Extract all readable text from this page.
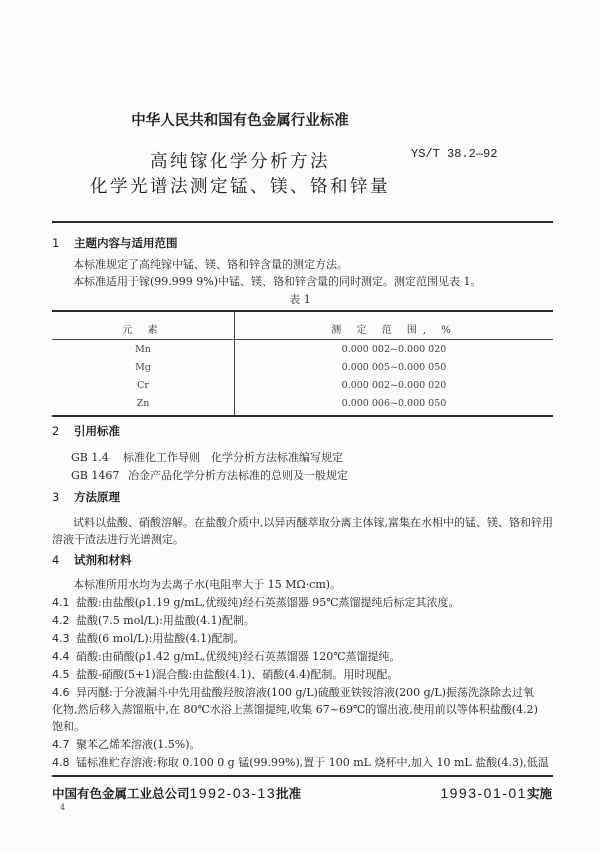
中华人民共和国有色金属行业标准
高纯镓化学分析方法
化学光谱法测定锰、镁、铬和锌量
YS/T 38.2—92
1 主题内容与适用范围
本标准规定了高纯镓中锰、镁、铬和锌含量的测定方法。
本标准适用于镓(99.999 9%)中锰、镁、铬和锌含量的同时测定。测定范围见表 1。
表 1
元 素	测 定 范 围, %
Mn	0.000 002~0.000 020
Mg	0.000 005~0.000 050
Cr	0.000 002~0.000 020
Zn	0.000 006~0.000 050
2 引用标准
GB 1.4 标准化工作导则　化学分析方法标准编写规定
GB 1467 冶金产品化学分析方法标准的总则及一般规定
3 方法原理
试料以盐酸、硝酸溶解。在盐酸介质中,以异丙醚萃取分离主体镓,富集在水相中的锰、镁、铬和锌用
溶液干渣法进行光谱测定。
4 试剂和材料
本标准所用水均为去离子水(电阻率大于 15 MΩ·cm)。
4.1 盐酸:由盐酸(ρ1.19 g/mL,优级纯)经石英蒸馏器 95℃蒸馏提纯后标定其浓度。
4.2 盐酸(7.5 mol/L):用盐酸(4.1)配制。
4.3 盐酸(6 mol/L):用盐酸(4.1)配制。
4.4 硝酸:由硝酸(ρ1.42 g/mL,优级纯)经石英蒸馏器 120℃蒸馏提纯。
4.5 盐酸-硝酸(5+1)混合酸:由盐酸(4.1)、硝酸(4.4)配制。用时现配。
4.6 异丙醚:于分液漏斗中先用盐酸羟胺溶液(100 g/L)硫酸亚铁铵溶液(200 g/L)振荡洗涤除去过氧
化物,然后移入蒸馏瓶中,在 80℃水浴上蒸馏提纯,收集 67~69℃的馏出液,使用前以等体积盐酸(4.2)
饱和。
4.7 聚苯乙烯苯溶液(1.5%)。
4.8 锰标准贮存溶液:称取 0.100 0 g 锰(99.99%),置于 100 mL 烧杯中,加入 10 mL 盐酸(4.3),低温
中国有色金属工业总公司1992-03-13批准	1993-01-01实施
4
